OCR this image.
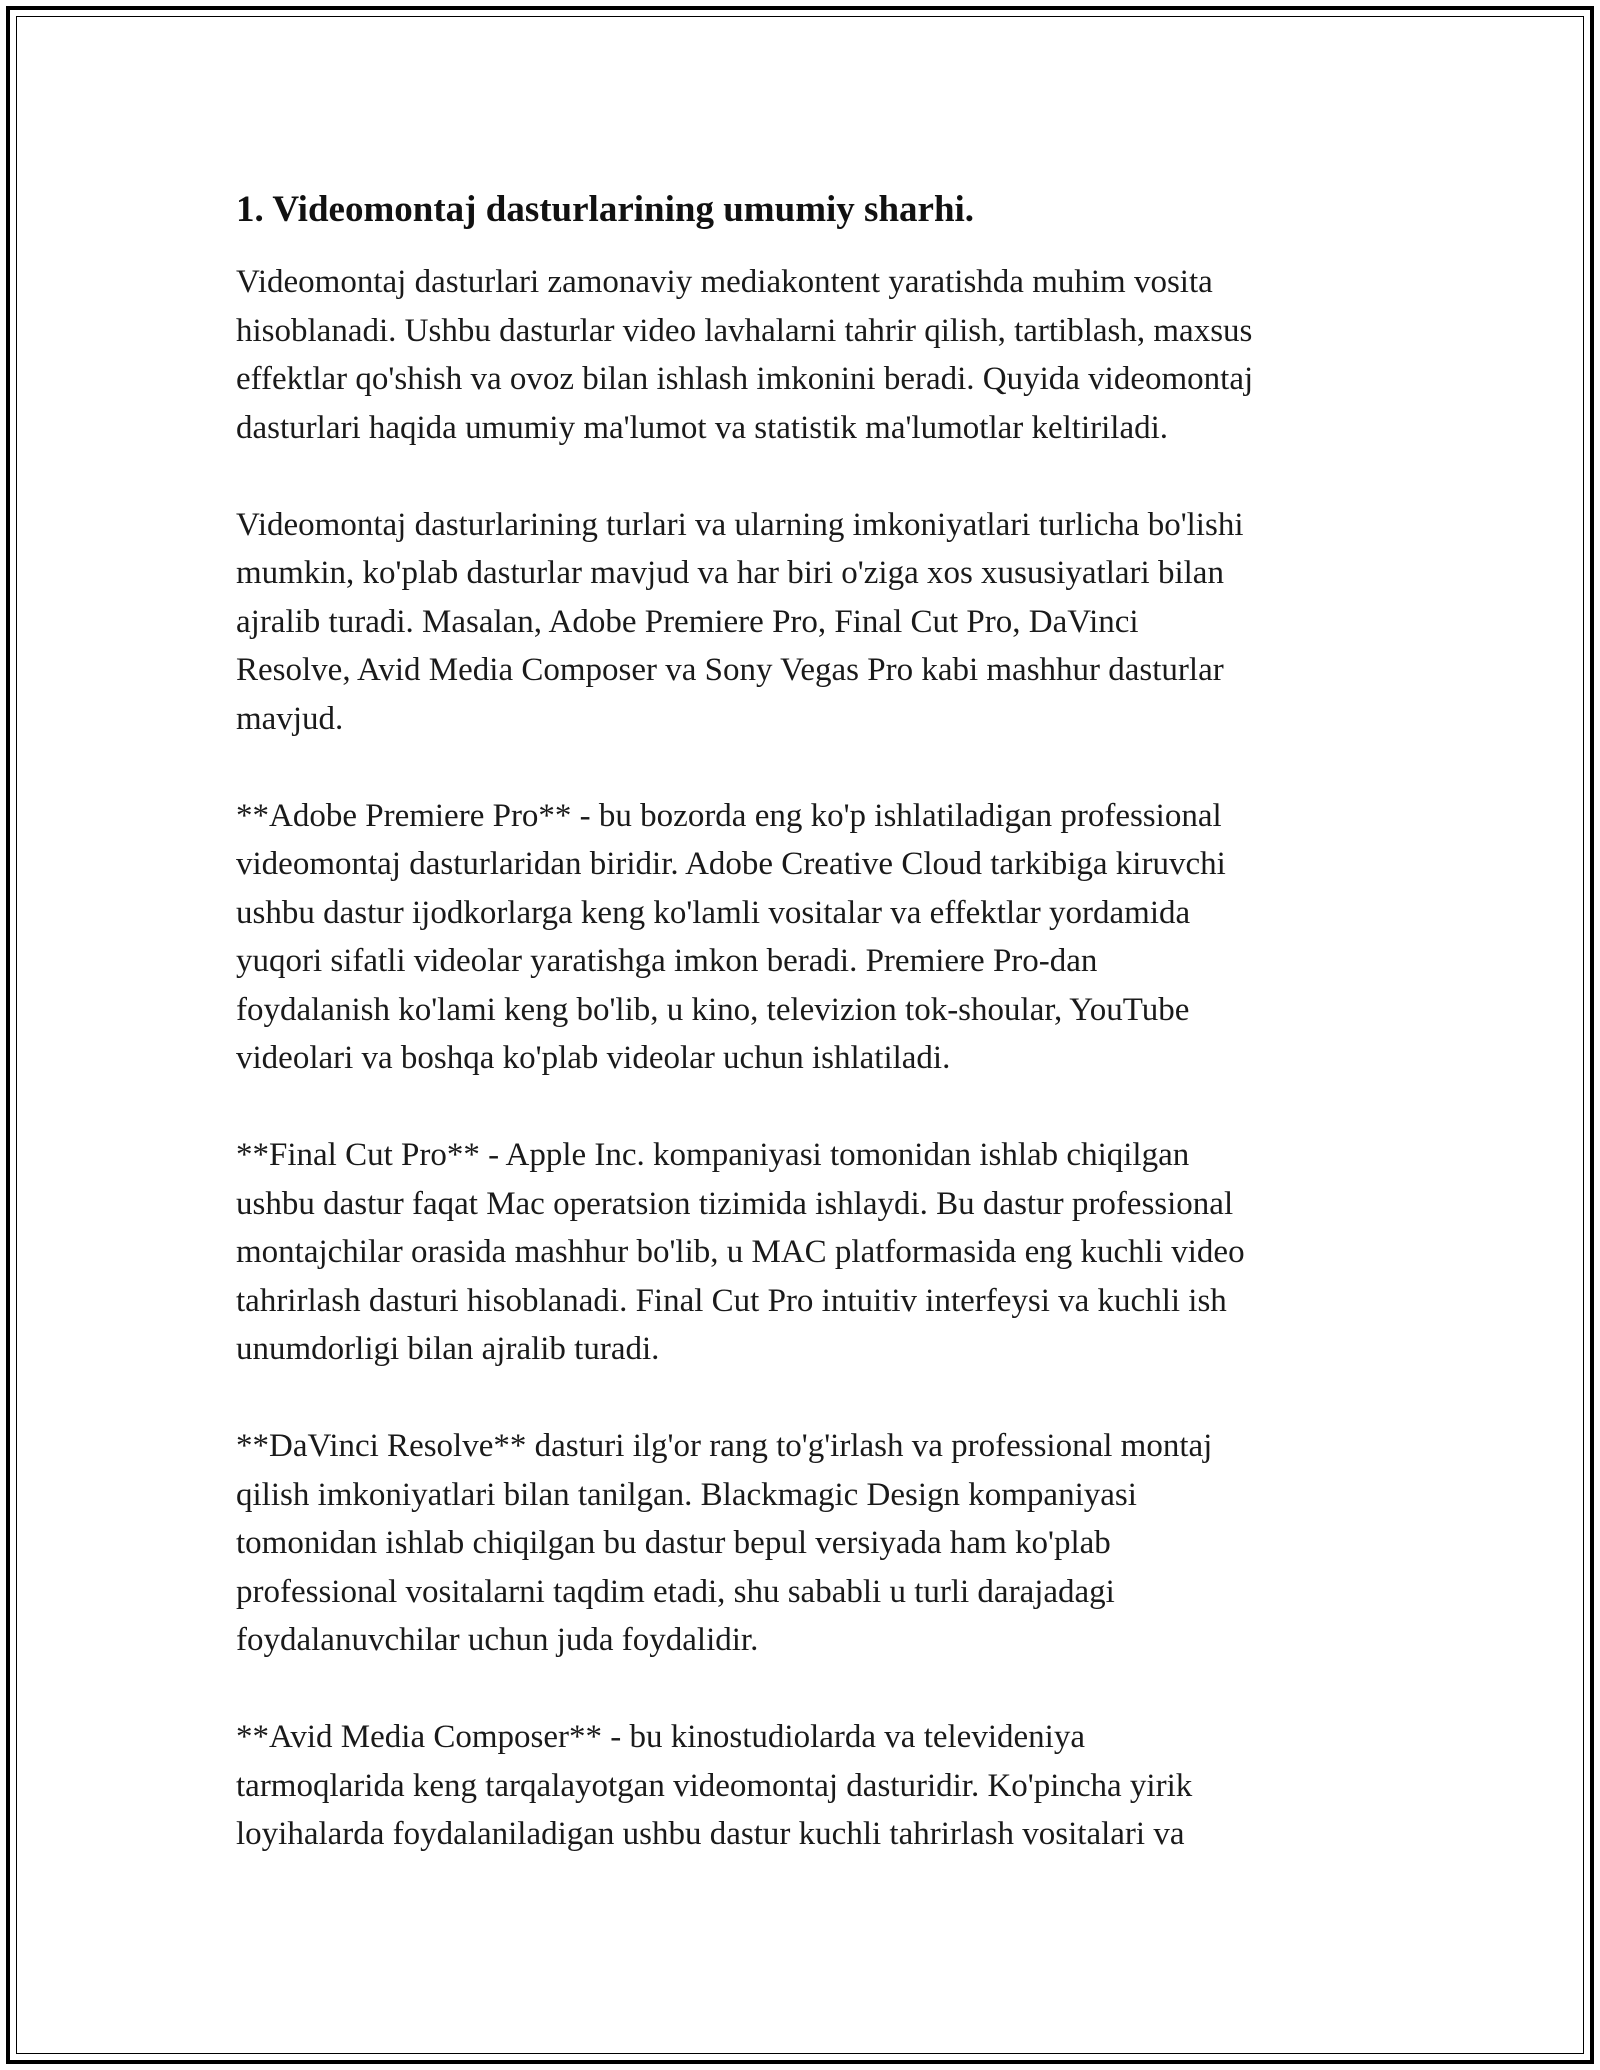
1. Videomontaj dasturlarining umumiy sharhi.

Videomontaj dasturlari zamonaviy mediakontent yaratishda muhim vosita
hisoblanadi. Ushbu dasturlar video lavhalarni tahrir qilish, tartiblash, maxsus
effektlar qo'shish va ovoz bilan ishlash imkonini beradi. Quyida videomontaj
dasturlari haqida umumiy ma'lumot va statistik ma'lumotlar keltiriladi.

Videomontaj dasturlarining turlari va ularning imkoniyatlari turlicha bo'lishi
mumkin, ko'plab dasturlar mavjud va har biri o'ziga xos xususiyatlari bilan
ajralib turadi. Masalan, Adobe Premiere Pro, Final Cut Pro, DaVinci
Resolve, Avid Media Composer va Sony Vegas Pro kabi mashhur dasturlar
mavjud.

**Adobe Premiere Pro** - bu bozorda eng ko'p ishlatiladigan professional
videomontaj dasturlaridan biridir. Adobe Creative Cloud tarkibiga kiruvchi
ushbu dastur ijodkorlarga keng ko'lamli vositalar va effektlar yordamida
yuqori sifatli videolar yaratishga imkon beradi. Premiere Pro-dan
foydalanish ko'lami keng bo'lib, u kino, televizion tok-shoular, YouTube
videolari va boshqa ko'plab videolar uchun ishlatiladi.

**Final Cut Pro** - Apple Inc. kompaniyasi tomonidan ishlab chiqilgan
ushbu dastur faqat Mac operatsion tizimida ishlaydi. Bu dastur professional
montajchilar orasida mashhur bo'lib, u MAC platformasida eng kuchli video
tahrirlash dasturi hisoblanadi. Final Cut Pro intuitiv interfeysi va kuchli ish
unumdorligi bilan ajralib turadi.

**DaVinci Resolve** dasturi ilg'or rang to'g'irlash va professional montaj
qilish imkoniyatlari bilan tanilgan. Blackmagic Design kompaniyasi
tomonidan ishlab chiqilgan bu dastur bepul versiyada ham ko'plab
professional vositalarni taqdim etadi, shu sababli u turli darajadagi
foydalanuvchilar uchun juda foydalidir.

**Avid Media Composer** - bu kinostudiolarda va televideniya
tarmoqlarida keng tarqalayotgan videomontaj dasturidir. Ko'pincha yirik
loyihalarda foydalaniladigan ushbu dastur kuchli tahrirlash vositalari va
